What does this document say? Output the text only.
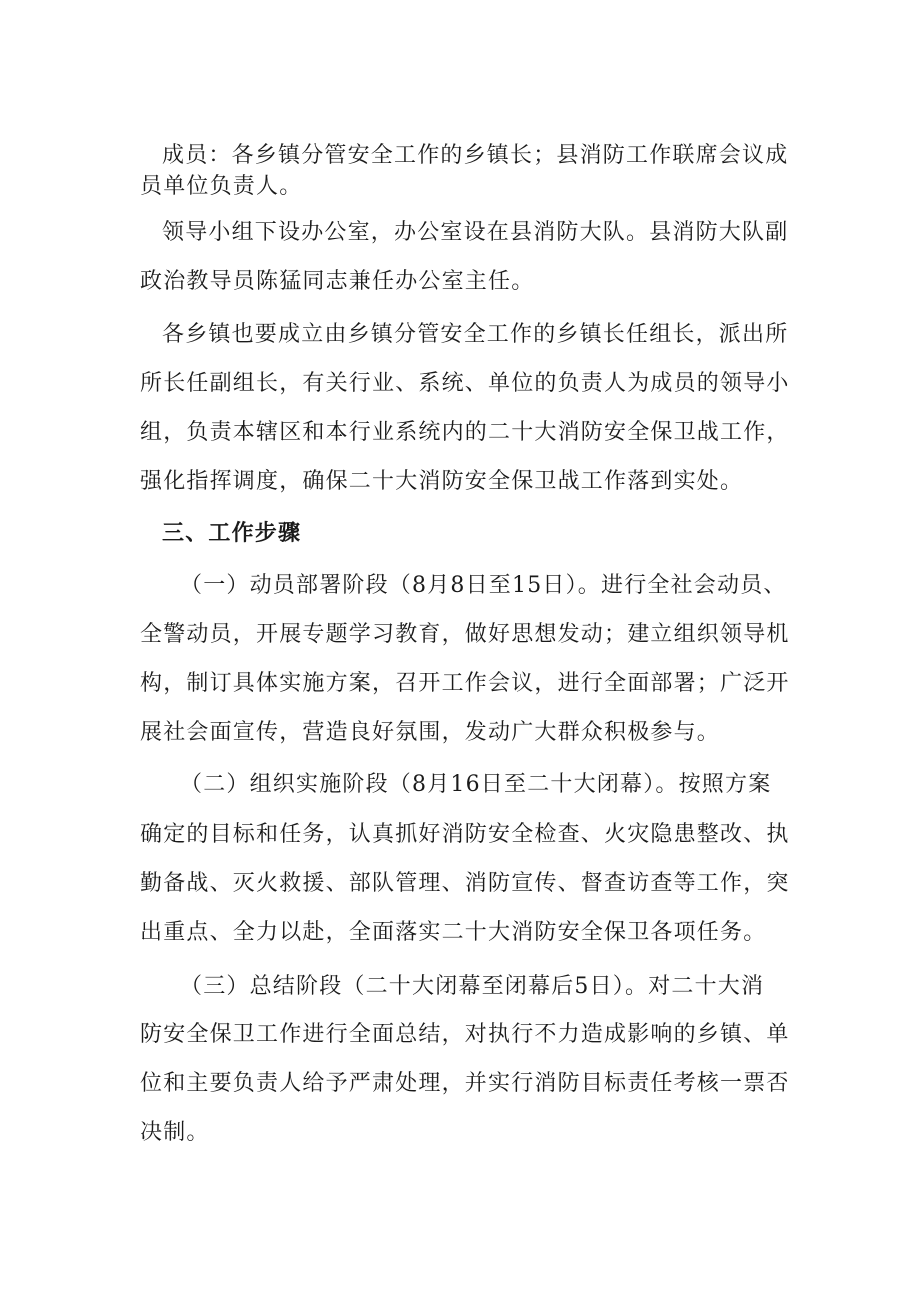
成员：各乡镇分管安全工作的乡镇长；县消防工作联席会议成
员单位负责人。
领导小组下设办公室，办公室设在县消防大队。县消防大队副
政治教导员陈猛同志兼任办公室主任。
各乡镇也要成立由乡镇分管安全工作的乡镇长任组长，派出所
所长任副组长，有关行业、系统、单位的负责人为成员的领导小
组，负责本辖区和本行业系统内的二十大消防安全保卫战工作，
强化指挥调度，确保二十大消防安全保卫战工作落到实处。
三、工作步骤
（一）动员部署阶段（8月8日至15日）。进行全社会动员、
全警动员，开展专题学习教育，做好思想发动；建立组织领导机
构，制订具体实施方案，召开工作会议，进行全面部署；广泛开
展社会面宣传，营造良好氛围，发动广大群众积极参与。
（二）组织实施阶段（8月16日至二十大闭幕）。按照方案
确定的目标和任务，认真抓好消防安全检查、火灾隐患整改、执
勤备战、灭火救援、部队管理、消防宣传、督查访查等工作，突
出重点、全力以赴，全面落实二十大消防安全保卫各项任务。
（三）总结阶段（二十大闭幕至闭幕后5日）。对二十大消
防安全保卫工作进行全面总结，对执行不力造成影响的乡镇、单
位和主要负责人给予严肃处理，并实行消防目标责任考核一票否
决制。
